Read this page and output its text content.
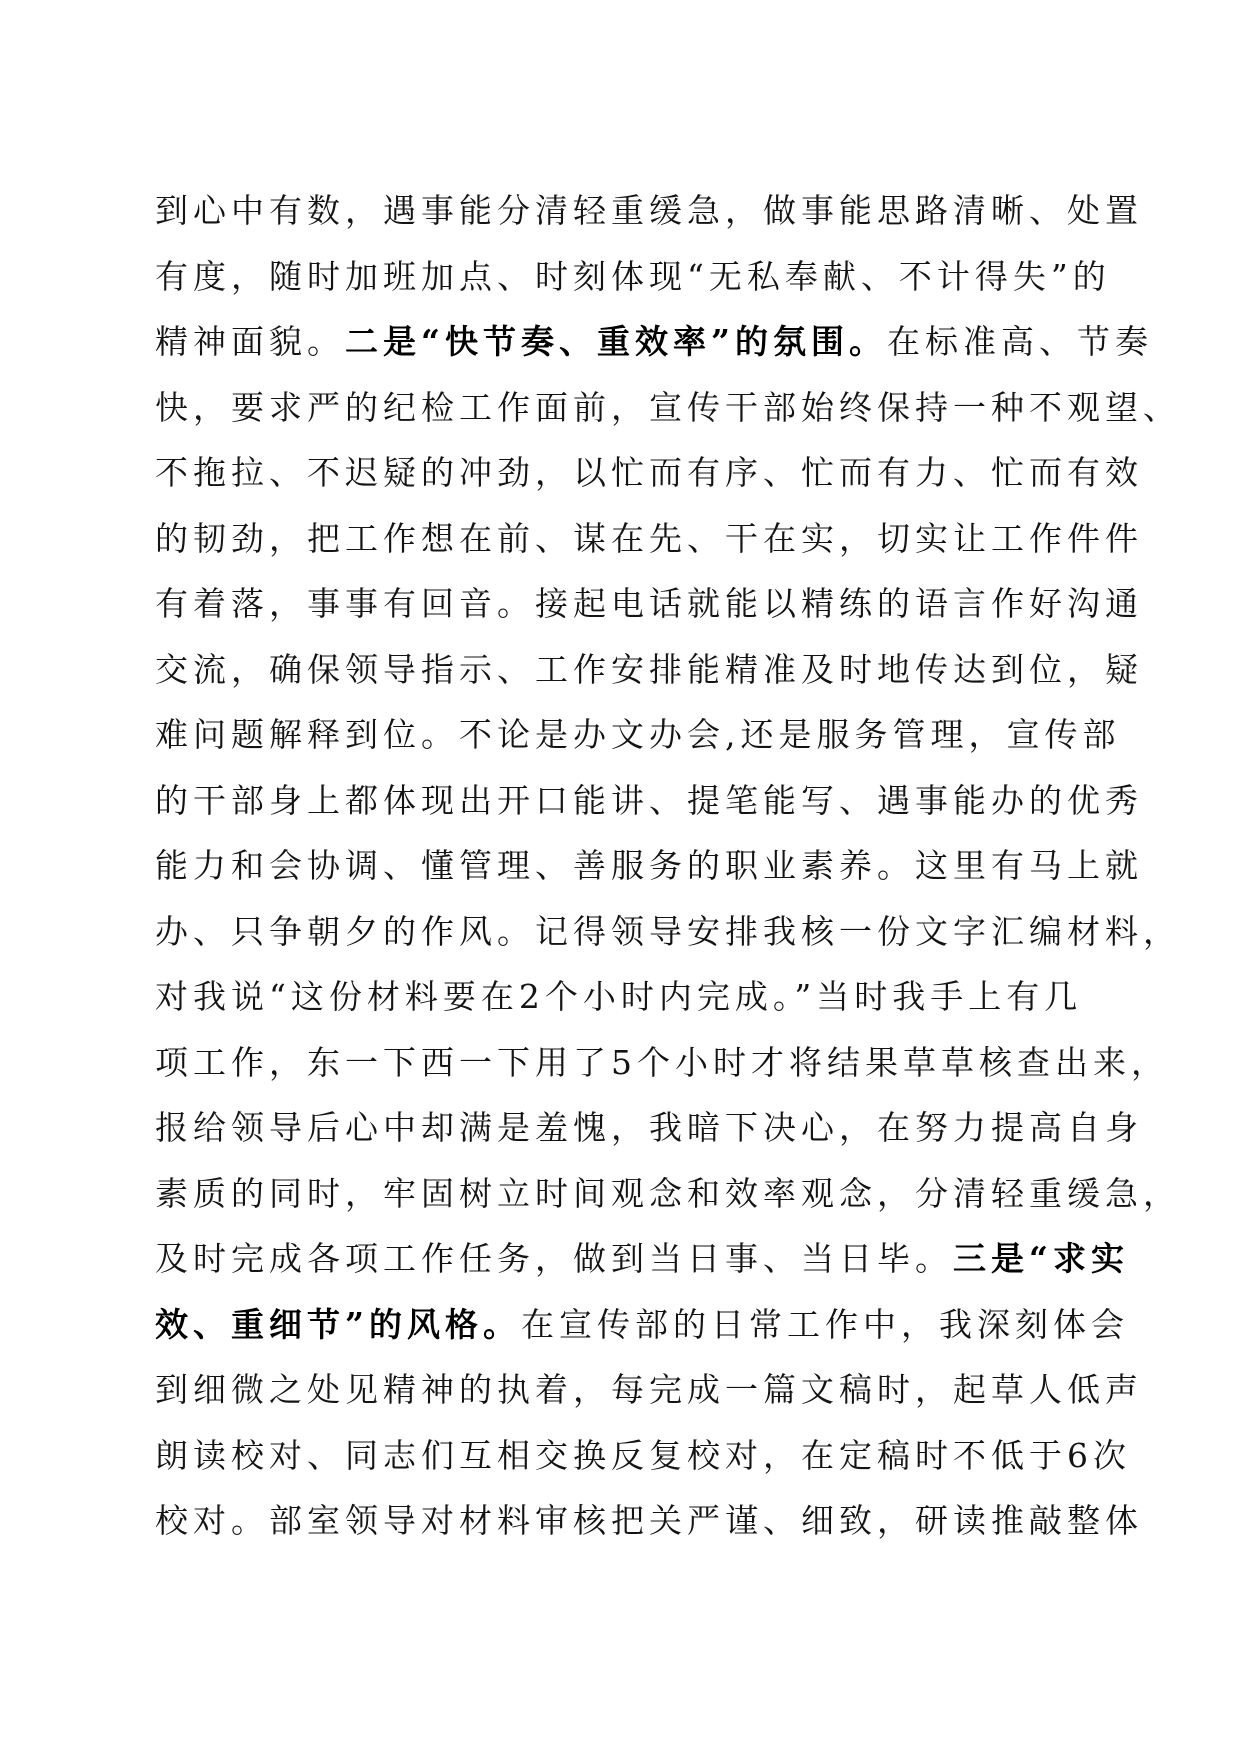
到心中有数，遇事能分清轻重缓急，做事能思路清晰、处置
有度，随时加班加点、时刻体现“无私奉献、不计得失”的
精神面貌。二是“快节奏、重效率”的氛围。在标准高、节奏
快，要求严的纪检工作面前，宣传干部始终保持一种不观望、
不拖拉、不迟疑的冲劲，以忙而有序、忙而有力、忙而有效
的韧劲，把工作想在前、谋在先、干在实，切实让工作件件
有着落，事事有回音。接起电话就能以精练的语言作好沟通
交流，确保领导指示、工作安排能精准及时地传达到位，疑
难问题解释到位。不论是办文办会,还是服务管理，宣传部
的干部身上都体现出开口能讲、提笔能写、遇事能办的优秀
能力和会协调、懂管理、善服务的职业素养。这里有马上就
办、只争朝夕的作风。记得领导安排我核一份文字汇编材料，
对我说“这份材料要在2个小时内完成。”当时我手上有几
项工作，东一下西一下用了5个小时才将结果草草核查出来，
报给领导后心中却满是羞愧，我暗下决心，在努力提高自身
素质的同时，牢固树立时间观念和效率观念，分清轻重缓急，
及时完成各项工作任务，做到当日事、当日毕。三是“求实
效、重细节”的风格。在宣传部的日常工作中，我深刻体会
到细微之处见精神的执着，每完成一篇文稿时，起草人低声
朗读校对、同志们互相交换反复校对，在定稿时不低于6次
校对。部室领导对材料审核把关严谨、细致，研读推敲整体
